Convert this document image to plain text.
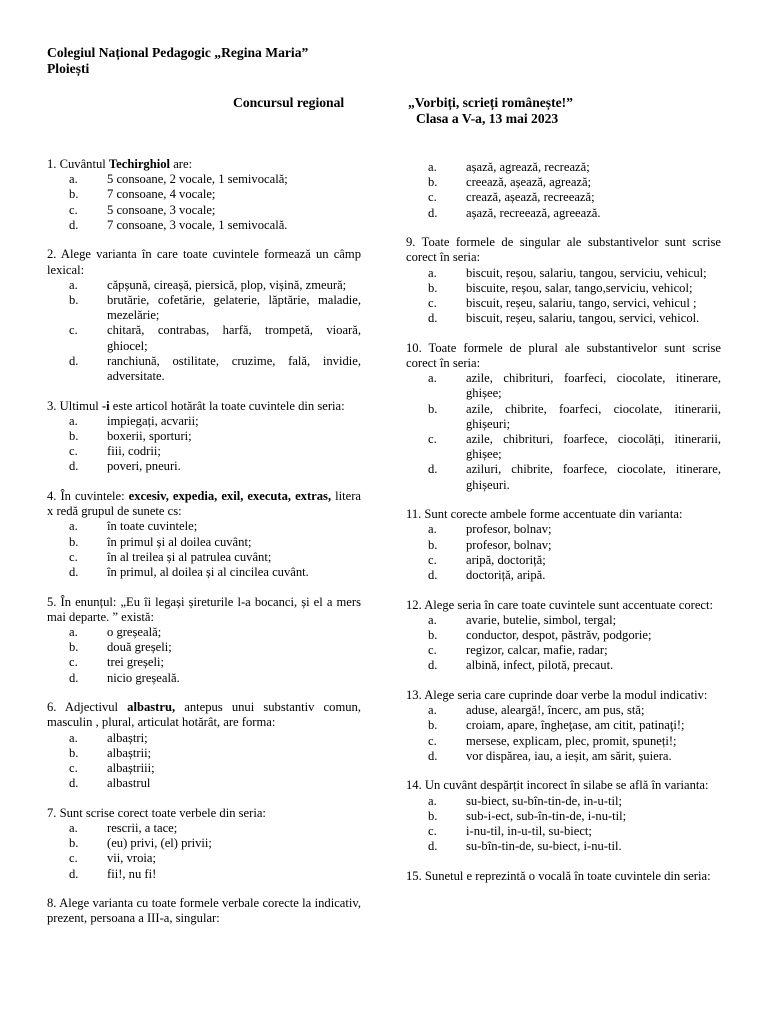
Colegiul Național Pedagogic „Regina Maria”
Ploiești
Concursul regional	„Vorbiți, scrieți românește!”
Clasa a V-a, 13 mai 2023
1. Cuvântul Techirghiol are:
a.	5 consoane, 2 vocale, 1 semivocală;
b.	7 consoane, 4 vocale;
c.	5 consoane, 3 vocale;
d.	7 consoane, 3 vocale, 1 semivocală.
2. Alege varianta în care toate cuvintele formează un câmp lexical:
a.	căpșună, cireașă, piersică, plop, vișină, zmeură;
b.	brutărie, cofetărie, gelaterie, lăptărie, maladie, mezelărie;
c.	chitară, contrabas, harfă, trompetă, vioară, ghiocel;
d.	ranchiună, ostilitate, cruzime, fală, invidie, adversitate.
3. Ultimul -i este articol hotărât la toate cuvintele din seria:
a.	impiegați, acvarii;
b.	boxerii, sporturi;
c.	fiii, codrii;
d.	poveri, pneuri.
4. În cuvintele: excesiv, expedia, exil, executa, extras, litera x redă grupul de sunete cs:
a.	în toate cuvintele;
b.	în primul și al doilea cuvânt;
c.	în al treilea și al patrulea cuvânt;
d.	în primul, al doilea și al cincilea cuvânt.
5. În enunțul: „Eu îi legași șireturile l-a bocanci, și el a mers mai departe. ” există:
a.	o greșeală;
b.	două greșeli;
c.	trei greșeli;
d.	nicio greșeală.
6. Adjectivul albastru, antepus unui substantiv comun, masculin , plural, articulat hotărât, are forma:
a.	albaștri;
b.	albaștrii;
c.	albaștriii;
d.	albastrul
7. Sunt scrise corect toate verbele din seria:
a.	rescrii, a tace;
b.	(eu) privi, (el) privii;
c.	vii, vroia;
d.	fii!, nu fi!
8. Alege varianta cu toate formele verbale corecte la indicativ, prezent, persoana a III-a, singular:
a.	așază, agrează, recrează;
b.	creează, așează, agrează;
c.	crează, așează, recreează;
d.	așază, recreează, agreează.
9. Toate formele de singular ale substantivelor sunt scrise corect în seria:
a.	biscuit, reșou, salariu, tangou, serviciu, vehicul;
b.	biscuite, reșou, salar, tango,serviciu, vehicol;
c.	biscuit, reșeu, salariu, tango, servici, vehicul ;
d.	biscuit, reșeu, salariu, tangou, servici, vehicol.
10. Toate formele de plural ale substantivelor sunt scrise corect în seria:
a.	azile, chibrituri, foarfeci, ciocolate, itinerare, ghișee;
b.	azile, chibrite, foarfeci, ciocolate, itinerarii, ghișeuri;
c.	azile, chibrituri, foarfece, ciocolăți, itinerarii, ghișee;
d.	aziluri, chibrite, foarfece, ciocolate, itinerare, ghișeuri.
11. Sunt corecte ambele forme accentuate din varianta:
a.	profesor, bolnav;
b.	profesor, bolnav;
c.	aripă, doctoriță;
d.	doctoriță, aripă.
12. Alege seria în care toate cuvintele sunt accentuate corect:
a.	avarie, butelie, simbol, tergal;
b.	conductor, despot, păstrăv, podgorie;
c.	regizor, calcar, mafie, radar;
d.	albină, infect, pilotă, precaut.
13. Alege seria care cuprinde doar verbe la modul indicativ:
a.	aduse, aleargă!, încerc, am pus, stă;
b.	croiam, apare, îngheţase, am citit, patinaţi!;
c.	mersese, explicam, plec, promit, spuneți!;
d.	vor dispărea, iau, a ieșit, am sărit, șuiera.
14. Un cuvânt despărțit incorect în silabe se află în varianta:
a.	su-biect, su-bîn-tin-de, in-u-til;
b.	sub-i-ect, sub-în-tin-de, i-nu-til;
c.	i-nu-til, in-u-til, su-biect;
d.	su-bîn-tin-de, su-biect, i-nu-til.
15. Sunetul e reprezintă o vocală în toate cuvintele din seria:
